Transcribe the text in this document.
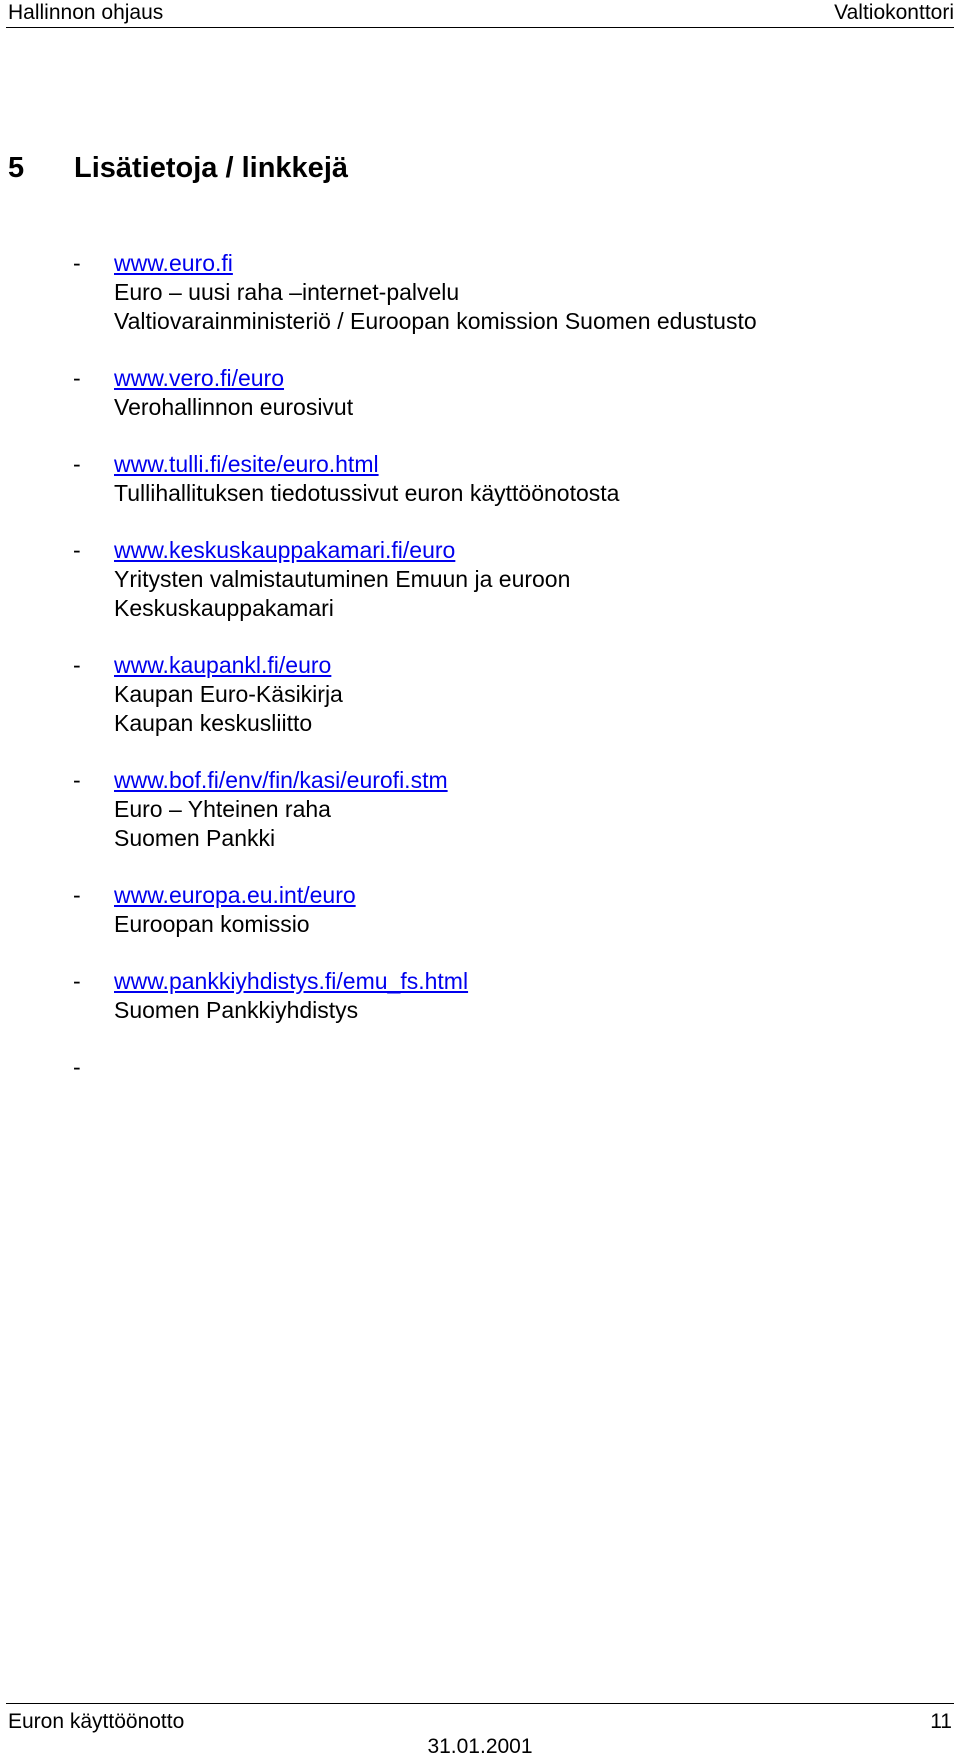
Hallinnon ohjaus	Valtiokonttori
5 Lisätietoja / linkkejä
- www.euro.fi
Euro – uusi raha –internet-palvelu
Valtiovarainministeriö / Euroopan komission Suomen edustusto
- www.vero.fi/euro
Verohallinnon eurosivut
- www.tulli.fi/esite/euro.html
Tullihallituksen tiedotussivut euron käyttöönotosta
- www.keskuskauppakamari.fi/euro
Yritysten valmistautuminen Emuun ja euroon
Keskuskauppakamari
- www.kaupankl.fi/euro
Kaupan Euro-Käsikirja
Kaupan keskusliitto
- www.bof.fi/env/fin/kasi/eurofi.stm
Euro – Yhteinen raha
Suomen Pankki
- www.europa.eu.int/euro
Euroopan komissio
- www.pankkiyhdistys.fi/emu_fs.html
Suomen Pankkiyhdistys
-
Euron käyttöönotto	11
31.01.2001
